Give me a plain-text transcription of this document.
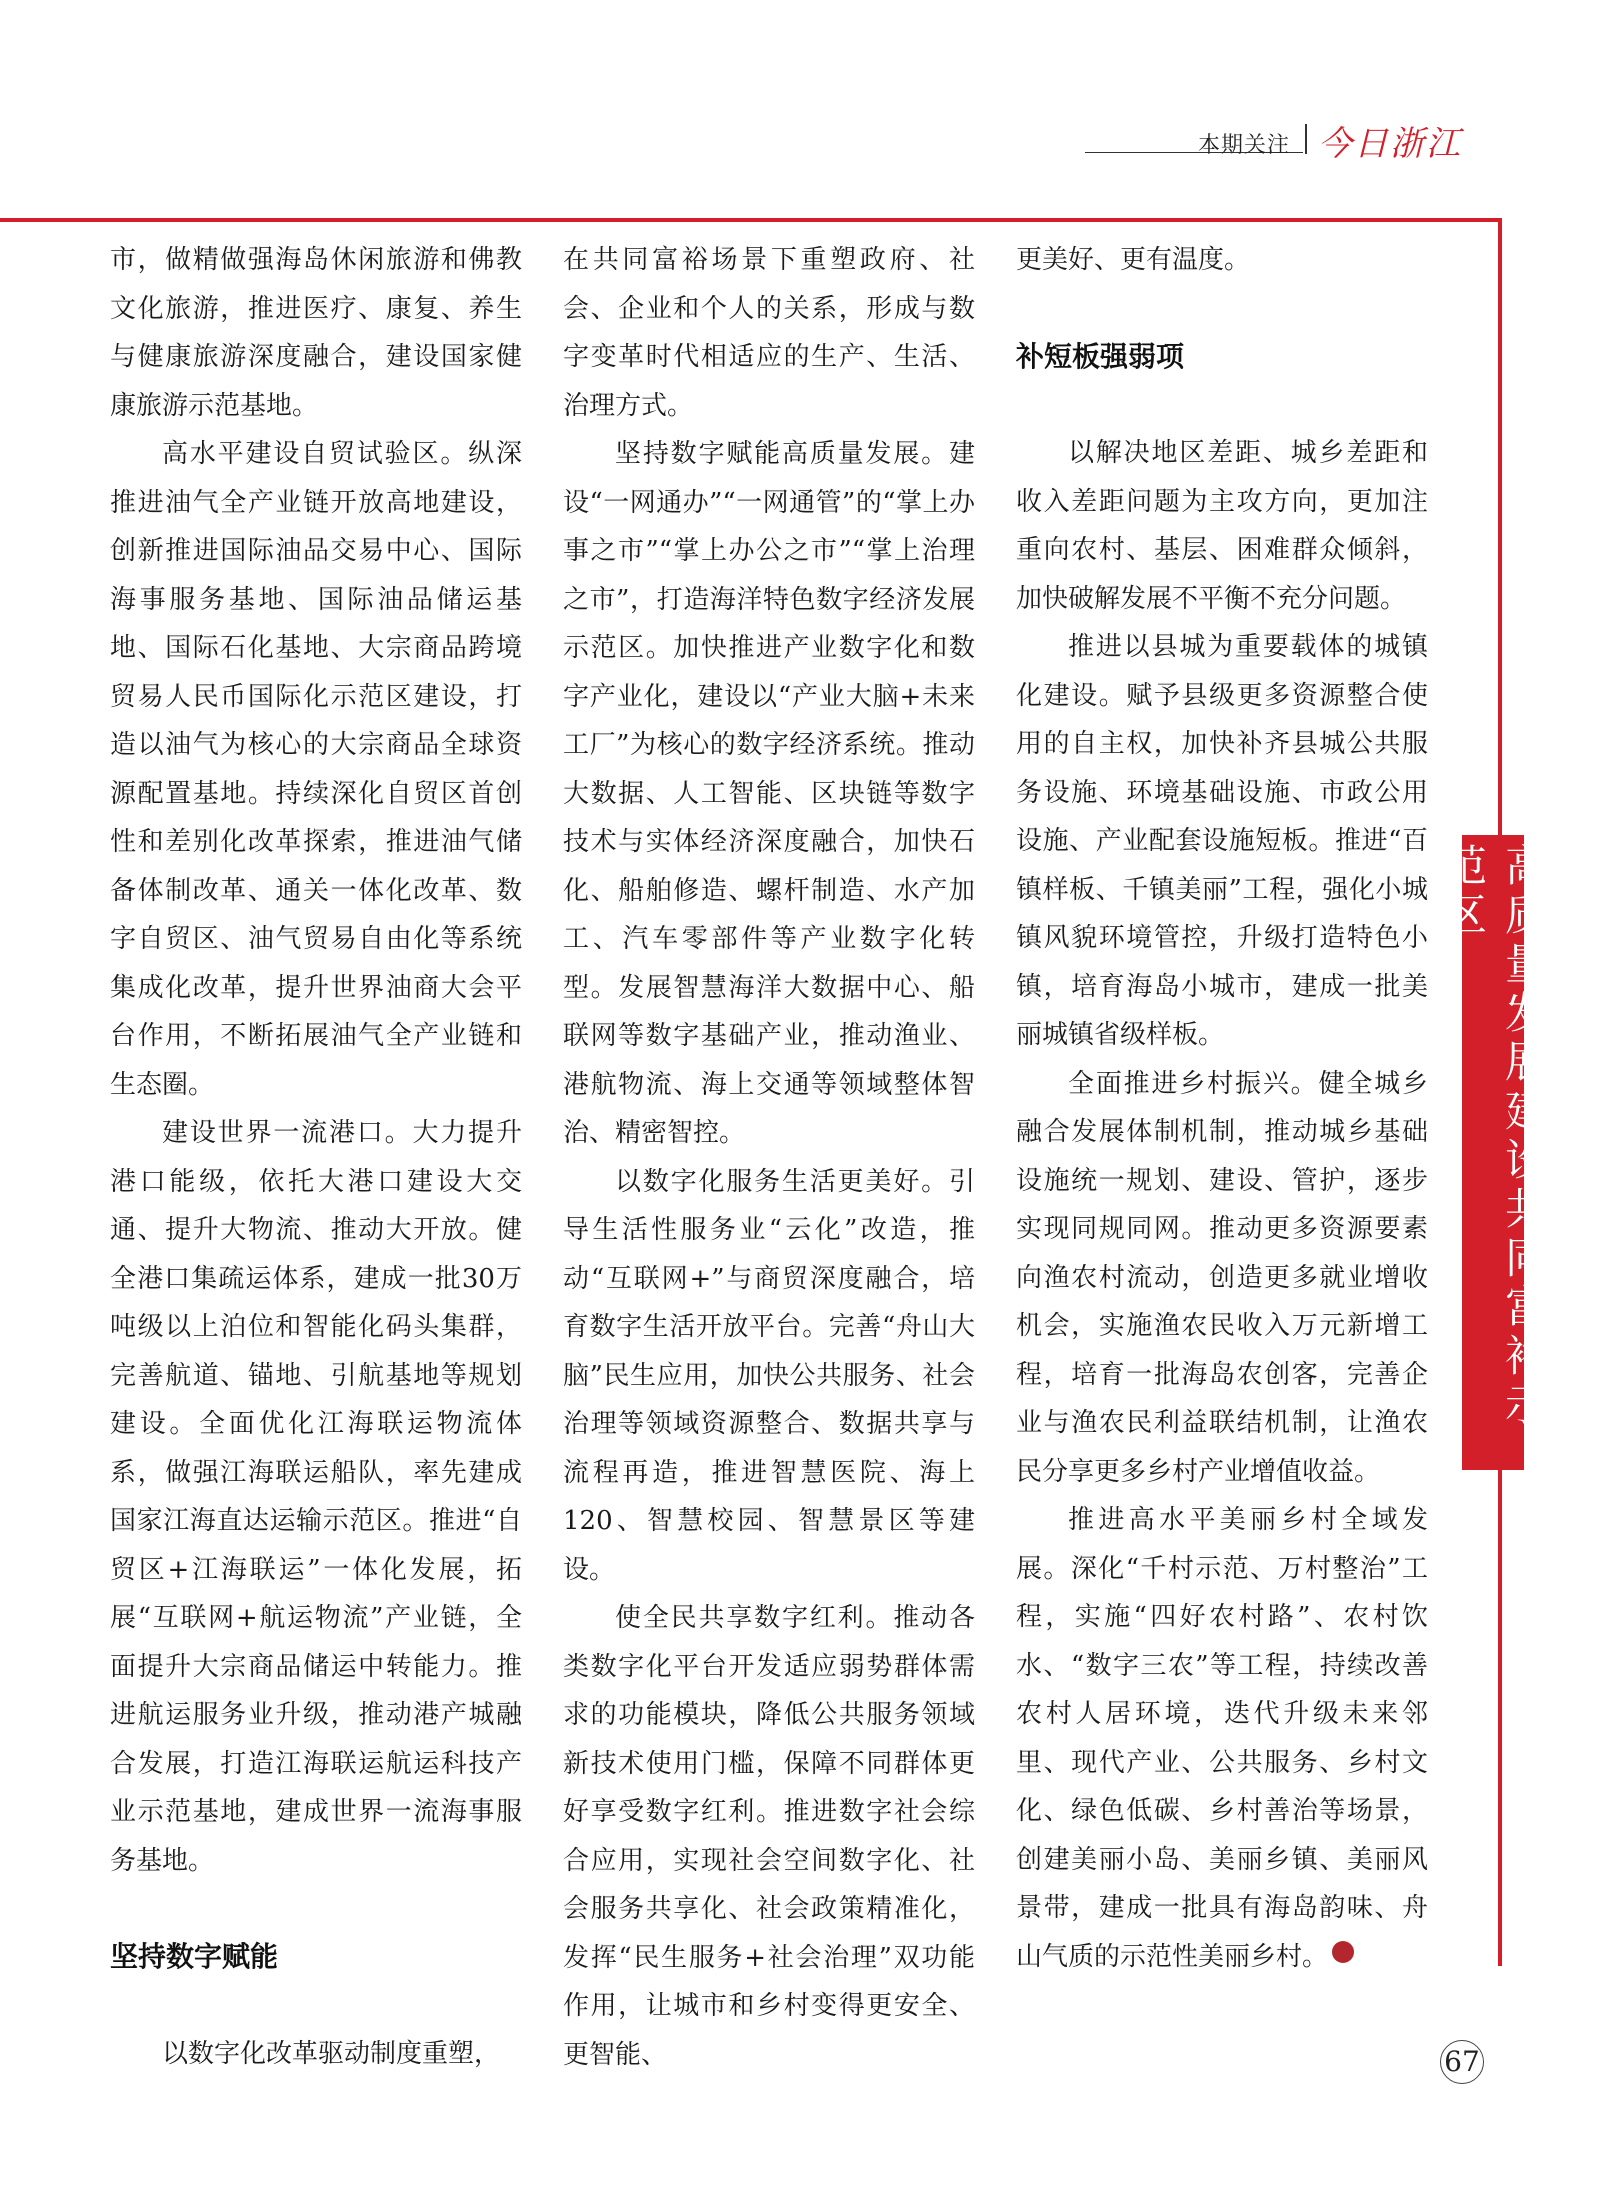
本期关注 今日浙江
高质量发展建设共同富裕示范区

市，做精做强海岛休闲旅游和佛教文化旅游，推进医疗、康复、养生与健康旅游深度融合，建设国家健康旅游示范基地。

高水平建设自贸试验区。纵深推进油气全产业链开放高地建设，创新推进国际油品交易中心、国际海事服务基地、国际油品储运基地、国际石化基地、大宗商品跨境贸易人民币国际化示范区建设，打造以油气为核心的大宗商品全球资源配置基地。持续深化自贸区首创性和差别化改革探索，推进油气储备体制改革、通关一体化改革、数字自贸区、油气贸易自由化等系统集成化改革，提升世界油商大会平台作用，不断拓展油气全产业链和生态圈。

建设世界一流港口。大力提升港口能级，依托大港口建设大交通、提升大物流、推动大开放。健全港口集疏运体系，建成一批30万吨级以上泊位和智能化码头集群，完善航道、锚地、引航基地等规划建设。全面优化江海联运物流体系，做强江海联运船队，率先建成国家江海直达运输示范区。推进“自贸区+江海联运”一体化发展，拓展“互联网+航运物流”产业链，全面提升大宗商品储运中转能力。推进航运服务业升级，推动港产城融合发展，打造江海联运航运科技产业示范基地，建成世界一流海事服务基地。

坚持数字赋能

以数字化改革驱动制度重塑，

在共同富裕场景下重塑政府、社会、企业和个人的关系，形成与数字变革时代相适应的生产、生活、治理方式。

坚持数字赋能高质量发展。建设“一网通办”“一网通管”的“掌上办事之市”“掌上办公之市”“掌上治理之市”，打造海洋特色数字经济发展示范区。加快推进产业数字化和数字产业化，建设以“产业大脑+未来工厂”为核心的数字经济系统。推动大数据、人工智能、区块链等数字技术与实体经济深度融合，加快石化、船舶修造、螺杆制造、水产加工、汽车零部件等产业数字化转型。发展智慧海洋大数据中心、船联网等数字基础产业，推动渔业、港航物流、海上交通等领域整体智治、精密智控。

以数字化服务生活更美好。引导生活性服务业“云化”改造，推动“互联网+”与商贸深度融合，培育数字生活开放平台。完善“舟山大脑”民生应用，加快公共服务、社会治理等领域资源整合、数据共享与流程再造，推进智慧医院、海上120、智慧校园、智慧景区等建设。

使全民共享数字红利。推动各类数字化平台开发适应弱势群体需求的功能模块，降低公共服务领域新技术使用门槛，保障不同群体更好享受数字红利。推进数字社会综合应用，实现社会空间数字化、社会服务共享化、社会政策精准化，发挥“民生服务+社会治理”双功能作用，让城市和乡村变得更安全、更智能、

更美好、更有温度。

补短板强弱项

以解决地区差距、城乡差距和收入差距问题为主攻方向，更加注重向农村、基层、困难群众倾斜，加快破解发展不平衡不充分问题。

推进以县城为重要载体的城镇化建设。赋予县级更多资源整合使用的自主权，加快补齐县城公共服务设施、环境基础设施、市政公用设施、产业配套设施短板。推进“百镇样板、千镇美丽”工程，强化小城镇风貌环境管控，升级打造特色小镇，培育海岛小城市，建成一批美丽城镇省级样板。

全面推进乡村振兴。健全城乡融合发展体制机制，推动城乡基础设施统一规划、建设、管护，逐步实现同规同网。推动更多资源要素向渔农村流动，创造更多就业增收机会，实施渔农民收入万元新增工程，培育一批海岛农创客，完善企业与渔农民利益联结机制，让渔农民分享更多乡村产业增值收益。

推进高水平美丽乡村全域发展。深化“千村示范、万村整治”工程，实施“四好农村路”、农村饮水、“数字三农”等工程，持续改善农村人居环境，迭代升级未来邻里、现代产业、公共服务、乡村文化、绿色低碳、乡村善治等场景，创建美丽小岛、美丽乡镇、美丽风景带，建成一批具有海岛韵味、舟山气质的示范性美丽乡村。

67
